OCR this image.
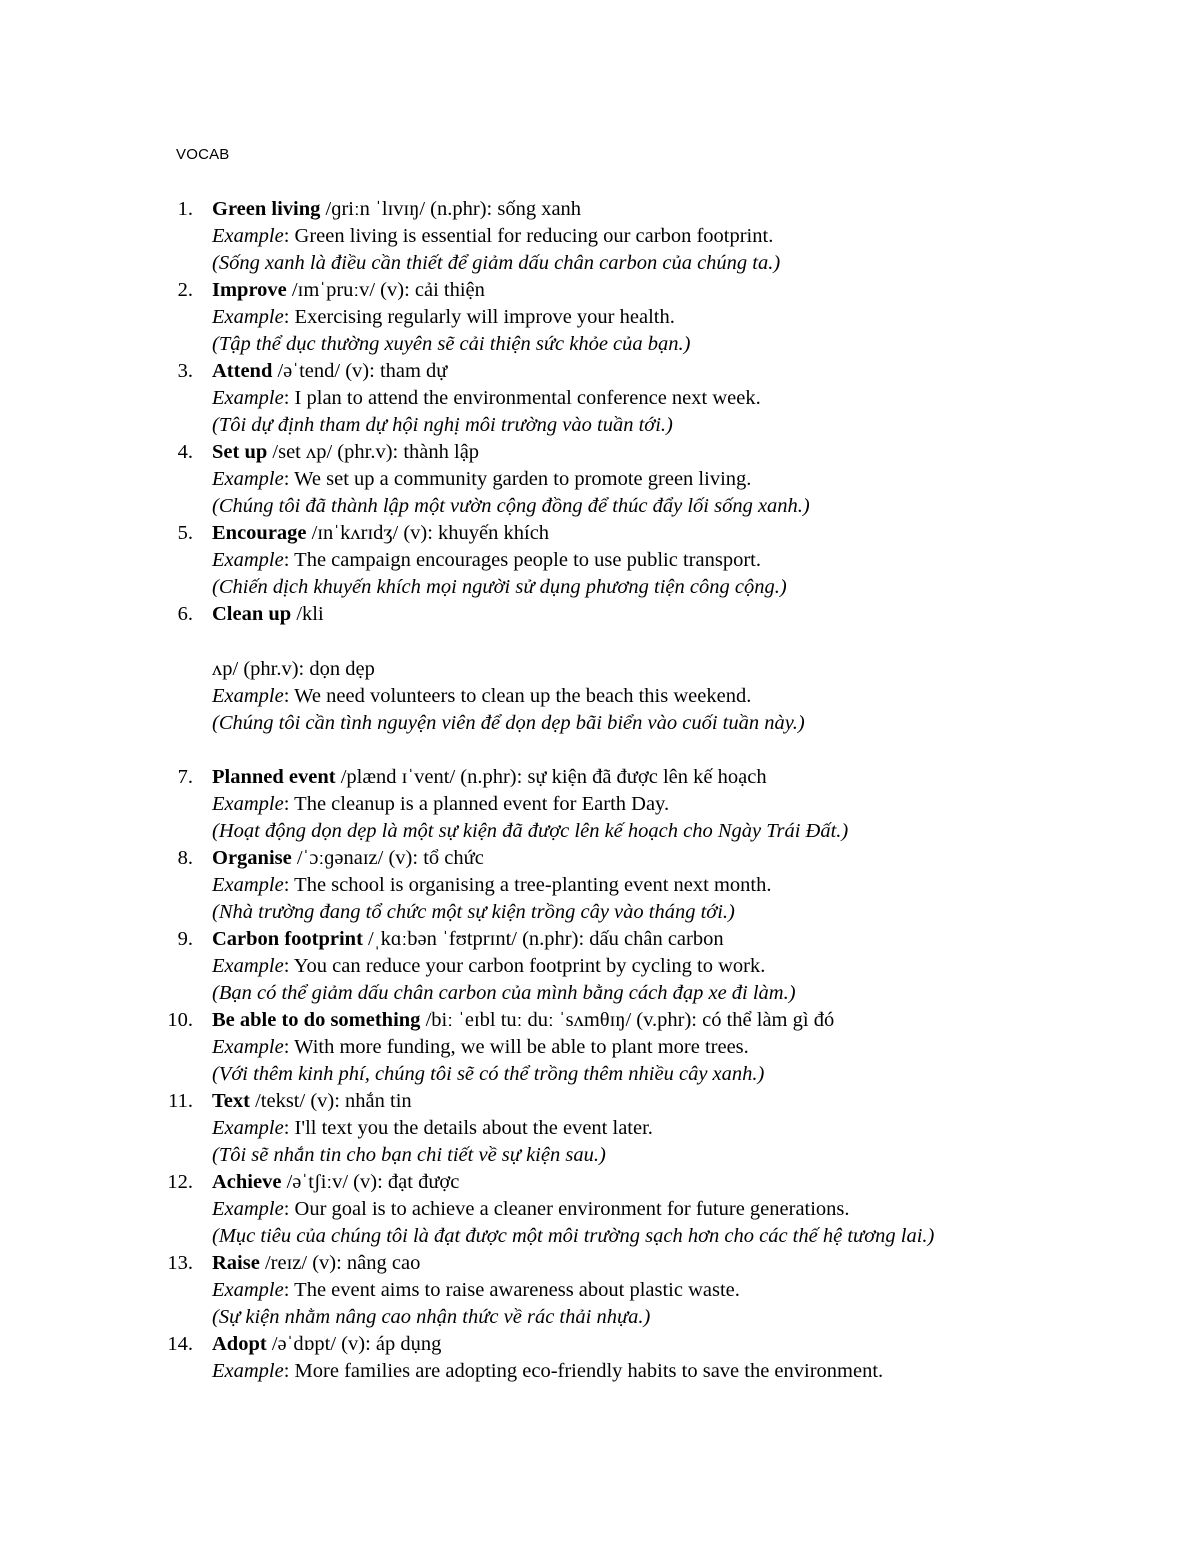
VOCAB
1. Green living /ɡriːn ˈlɪvɪŋ/ (n.phr): sống xanh
Example: Green living is essential for reducing our carbon footprint.
(Sống xanh là điều cần thiết để giảm dấu chân carbon của chúng ta.)
2. Improve /ɪmˈpruːv/ (v): cải thiện
Example: Exercising regularly will improve your health.
(Tập thể dục thường xuyên sẽ cải thiện sức khỏe của bạn.)
3. Attend /əˈtend/ (v): tham dự
Example: I plan to attend the environmental conference next week.
(Tôi dự định tham dự hội nghị môi trường vào tuần tới.)
4. Set up /set ʌp/ (phr.v): thành lập
Example: We set up a community garden to promote green living.
(Chúng tôi đã thành lập một vườn cộng đồng để thúc đẩy lối sống xanh.)
5. Encourage /ɪnˈkʌrɪdʒ/ (v): khuyến khích
Example: The campaign encourages people to use public transport.
(Chiến dịch khuyến khích mọi người sử dụng phương tiện công cộng.)
6. Clean up /kli
ʌp/ (phr.v): dọn dẹp
Example: We need volunteers to clean up the beach this weekend.
(Chúng tôi cần tình nguyện viên để dọn dẹp bãi biển vào cuối tuần này.)
7. Planned event /plænd ɪˈvent/ (n.phr): sự kiện đã được lên kế hoạch
Example: The cleanup is a planned event for Earth Day.
(Hoạt động dọn dẹp là một sự kiện đã được lên kế hoạch cho Ngày Trái Đất.)
8. Organise /ˈɔːɡənaɪz/ (v): tổ chức
Example: The school is organising a tree-planting event next month.
(Nhà trường đang tổ chức một sự kiện trồng cây vào tháng tới.)
9. Carbon footprint /ˌkɑːbən ˈfʊtprɪnt/ (n.phr): dấu chân carbon
Example: You can reduce your carbon footprint by cycling to work.
(Bạn có thể giảm dấu chân carbon của mình bằng cách đạp xe đi làm.)
10. Be able to do something /biː ˈeɪbl tuː duː ˈsʌmθɪŋ/ (v.phr): có thể làm gì đó
Example: With more funding, we will be able to plant more trees.
(Với thêm kinh phí, chúng tôi sẽ có thể trồng thêm nhiều cây xanh.)
11. Text /tekst/ (v): nhắn tin
Example: I'll text you the details about the event later.
(Tôi sẽ nhắn tin cho bạn chi tiết về sự kiện sau.)
12. Achieve /əˈtʃiːv/ (v): đạt được
Example: Our goal is to achieve a cleaner environment for future generations.
(Mục tiêu của chúng tôi là đạt được một môi trường sạch hơn cho các thế hệ tương lai.)
13. Raise /reɪz/ (v): nâng cao
Example: The event aims to raise awareness about plastic waste.
(Sự kiện nhằm nâng cao nhận thức về rác thải nhựa.)
14. Adopt /əˈdɒpt/ (v): áp dụng
Example: More families are adopting eco-friendly habits to save the environment.
